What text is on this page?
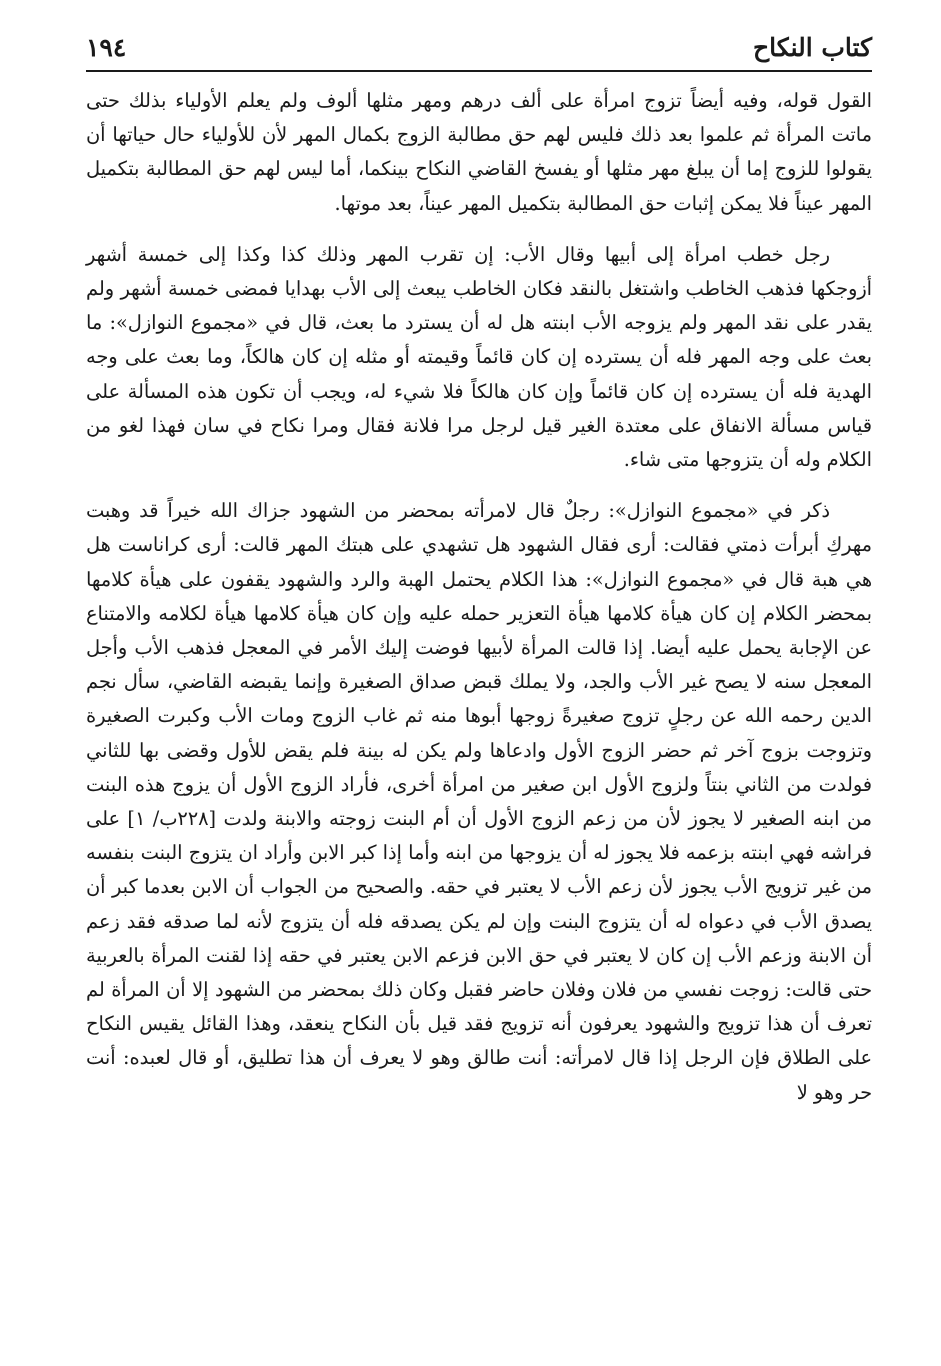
كتاب النكاح
١٩٤

القول قوله، وفيه أيضاً تزوج امرأة على ألف درهم ومهر مثلها ألوف ولم يعلم الأولياء بذلك حتى ماتت المرأة ثم علموا بعد ذلك فليس لهم حق مطالبة الزوج بكمال المهر لأن للأولياء حال حياتها أن يقولوا للزوج إما أن يبلغ مهر مثلها أو يفسخ القاضي النكاح بينكما، أما ليس لهم حق المطالبة بتكميل المهر عيناً فلا يمكن إثبات حق المطالبة بتكميل المهر عيناً، بعد موتها.

رجل خطب امرأة إلى أبيها وقال الأب: إن تقرب المهر وذلك كذا وكذا إلى خمسة أشهر أزوجكها فذهب الخاطب واشتغل بالنقد فكان الخاطب يبعث إلى الأب بهدايا فمضى خمسة أشهر ولم يقدر على نقد المهر ولم يزوجه الأب ابنته هل له أن يسترد ما بعث، قال في «مجموع النوازل»: ما بعث على وجه المهر فله أن يسترده إن كان قائماً وقيمته أو مثله إن كان هالكاً، وما بعث على وجه الهدية فله أن يسترده إن كان قائماً وإن كان هالكاً فلا شيء له، ويجب أن تكون هذه المسألة على قياس مسألة الانفاق على معتدة الغير قيل لرجل مرا فلانة فقال ومرا نكاح في سان فهذا لغو من الكلام وله أن يتزوجها متى شاء.

ذكر في «مجموع النوازل»: رجلٌ قال لامرأته بمحضر من الشهود جزاك الله خيراً قد وهبت مهركِ أبرأت ذمتي فقالت: أرى فقال الشهود هل تشهدي على هبتك المهر قالت: أرى كراناست هل هي هبة قال في «مجموع النوازل»: هذا الكلام يحتمل الهبة والرد والشهود يقفون على هيأة كلامها بمحضر الكلام إن كان هيأة كلامها هيأة التعزير حمله عليه وإن كان هيأة كلامها هيأة لكلامه والامتناع عن الإجابة يحمل عليه أيضا. إذا قالت المرأة لأبيها فوضت إليك الأمر في المعجل فذهب الأب وأجل المعجل سنه لا يصح غير الأب والجد، ولا يملك قبض صداق الصغيرة وإنما يقبضه القاضي، سأل نجم الدين رحمه الله عن رجلٍ تزوج صغيرةً زوجها أبوها منه ثم غاب الزوج ومات الأب وكبرت الصغيرة وتزوجت بزوج آخر ثم حضر الزوج الأول وادعاها ولم يكن له بينة فلم يقض للأول وقضى بها للثاني فولدت من الثاني بنتاً ولزوج الأول ابن صغير من امرأة أخرى، فأراد الزوج الأول أن يزوج هذه البنت من ابنه الصغير لا يجوز لأن من زعم الزوج الأول أن أم البنت زوجته والابنة ولدت [٢٢٨ب/ ١] على فراشه فهي ابنته بزعمه فلا يجوز له أن يزوجها من ابنه وأما إذا كبر الابن وأراد ان يتزوج البنت بنفسه من غير تزويج الأب يجوز لأن زعم الأب لا يعتبر في حقه. والصحيح من الجواب أن الابن بعدما كبر أن يصدق الأب في دعواه له أن يتزوج البنت وإن لم يكن يصدقه فله أن يتزوج لأنه لما صدقه فقد زعم أن الابنة وزعم الأب إن كان لا يعتبر في حق الابن فزعم الابن يعتبر في حقه إذا لقنت المرأة بالعربية حتى قالت: زوجت نفسي من فلان وفلان حاضر فقبل وكان ذلك بمحضر من الشهود إلا أن المرأة لم تعرف أن هذا تزويج والشهود يعرفون أنه تزويج فقد قيل بأن النكاح ينعقد، وهذا القائل يقيس النكاح على الطلاق فإن الرجل إذا قال لامرأته: أنت طالق وهو لا يعرف أن هذا تطليق، أو قال لعبده: أنت حر وهو لا
